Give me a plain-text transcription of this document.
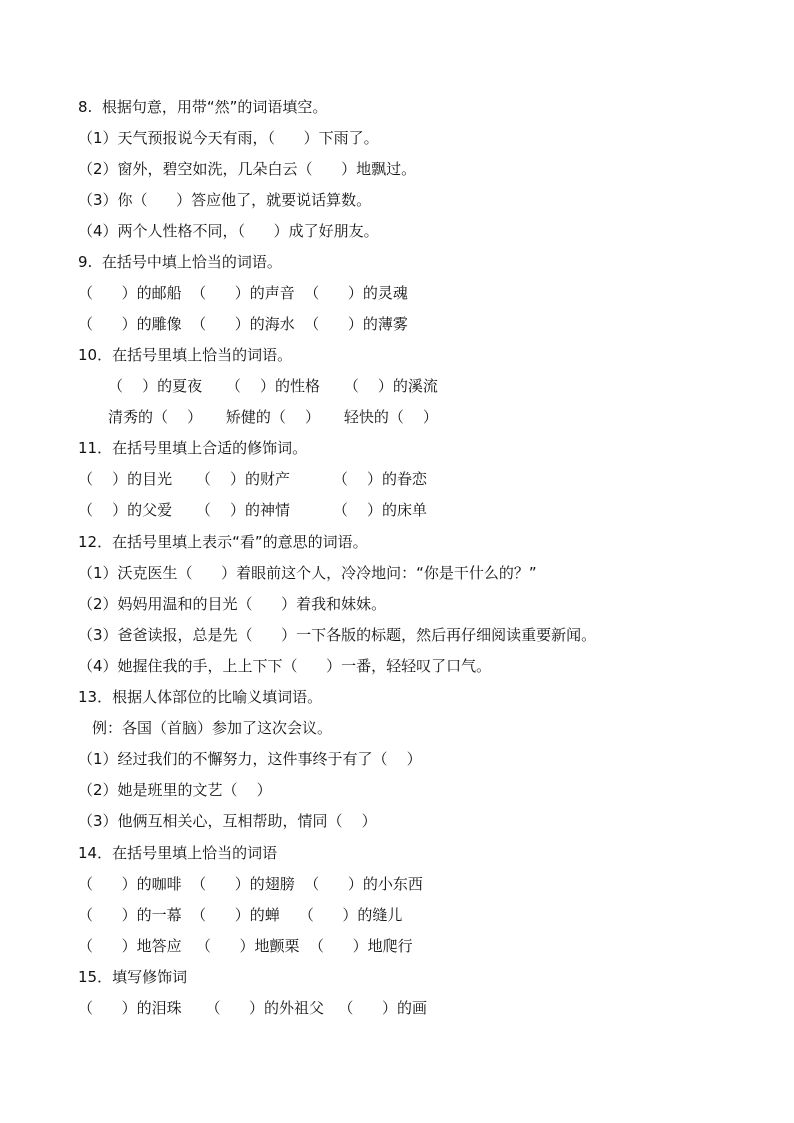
8.  根据句意，用带“然”的词语填空。
（1）天气预报说今天有雨，（      ）下雨了。
（2）窗外，碧空如洗，几朵白云（      ）地飘过。
（3）你（      ）答应他了，就要说话算数。
（4）两个人性格不同，（      ）成了好朋友。
9.  在括号中填上恰当的词语。
（      ）的邮船  （      ）的声音  （      ）的灵魂
（      ）的雕像  （      ）的海水  （      ）的薄雾
10．在括号里填上恰当的词语。
（    ）的夏夜     （    ）的性格     （    ）的溪流
清秀的（    ）     矫健的（    ）     轻快的（    ）
11．在括号里填上合适的修饰词。
（    ）的目光     （    ）的财产         （    ）的眷恋
（    ）的父爱     （    ）的神情         （    ）的床单
12．在括号里填上表示“看”的意思的词语。
（1）沃克医生（      ）着眼前这个人，冷冷地问：“你是干什么的？”
（2）妈妈用温和的目光（      ）着我和妹妹。
（3）爸爸读报，总是先（      ）一下各版的标题，然后再仔细阅读重要新闻。
（4）她握住我的手，上上下下（      ）一番，轻轻叹了口气。
13．根据人体部位的比喻义填词语。
例：各国（首脑）参加了这次会议。
（1）经过我们的不懈努力，这件事终于有了（    ）
（2）她是班里的文艺（    ）
（3）他俩互相关心，互相帮助，情同（    ）
14．在括号里填上恰当的词语
（      ）的咖啡  （      ）的翅膀  （      ）的小东西
（      ）的一幕  （      ）的蝉    （      ）的缝儿
（      ）地答应   （      ）地颤栗  （      ）地爬行
15．填写修饰词
（      ）的泪珠     （      ）的外祖父   （      ）的画
